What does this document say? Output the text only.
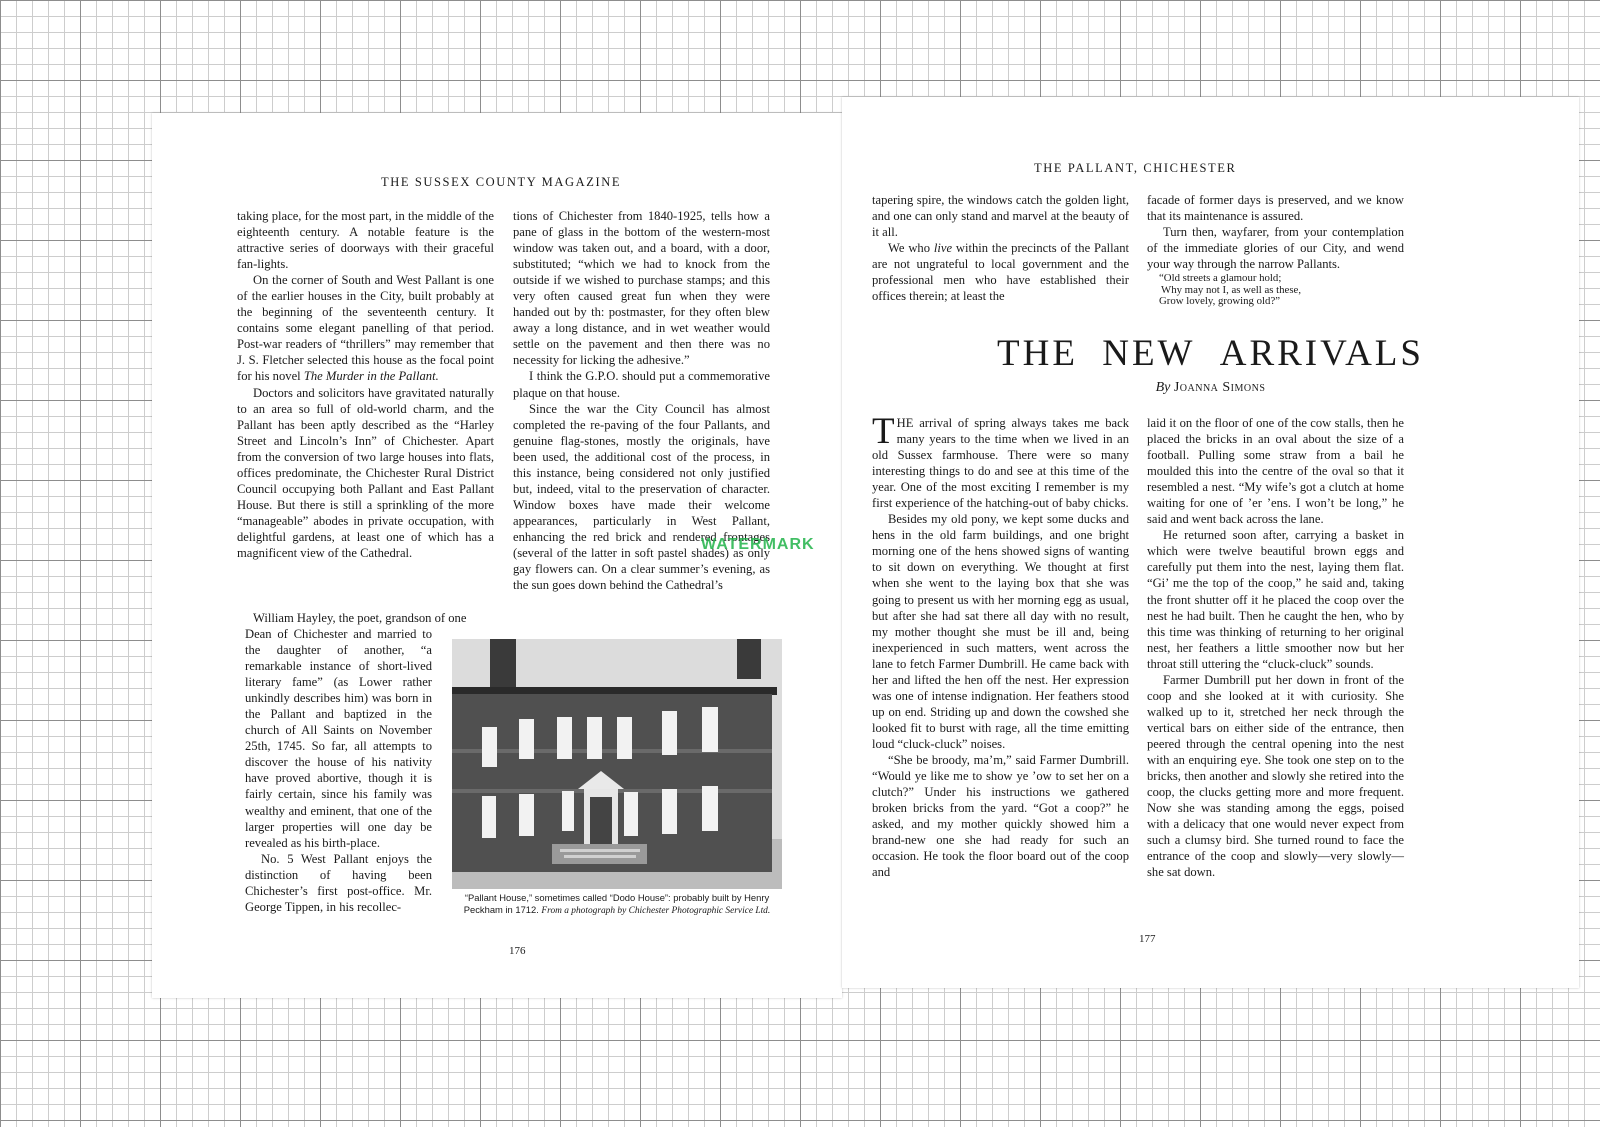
THE SUSSEX COUNTY MAGAZINE

taking place, for the most part, in the middle of the eighteenth century. A notable feature is the attractive series of doorways with their graceful fan-lights.

On the corner of South and West Pallant is one of the earlier houses in the City, built probably at the beginning of the seventeenth century. It contains some elegant panelling of that period. Post-war readers of “thrillers” may remember that J. S. Fletcher selected this house as the focal point for his novel The Murder in the Pallant.

Doctors and solicitors have gravitated naturally to an area so full of old-world charm, and the Pallant has been aptly described as the “Harley Street and Lincoln’s Inn” of Chichester. Apart from the conversion of two large houses into flats, offices predominate, the Chichester Rural District Council occupying both Pallant and East Pallant House. But there is still a sprinkling of the more “manageable” abodes in private occupation, with delightful gardens, at least one of which has a magnificent view of the Cathedral.

William Hayley, the poet, grandson of one

Dean of Chichester and married to the daughter of another, “a remarkable instance of short-lived literary fame” (as Lower rather unkindly describes him) was born in the Pallant and baptized in the church of All Saints on November 25th, 1745. So far, all attempts to discover the house of his nativity have proved abortive, though it is fairly certain, since his family was wealthy and eminent, that one of the larger properties will one day be revealed as his birth-place.

No. 5 West Pallant enjoys the distinction of having been Chichester’s first post-office. Mr. George Tippen, in his recollec-

tions of Chichester from 1840-1925, tells how a pane of glass in the bottom of the western-most window was taken out, and a board, with a door, substituted; “which we had to knock from the outside if we wished to purchase stamps; and this very often caused great fun when they were handed out by th: postmaster, for they often blew away a long distance, and in wet weather would settle on the pavement and then there was no necessity for licking the adhesive.”

I think the G.P.O. should put a commemorative plaque on that house.

Since the war the City Council has almost completed the re-paving of the four Pallants, and genuine flag-stones, mostly the originals, have been used, the additional cost of the process, in this instance, being considered not only justified but, indeed, vital to the preservation of character. Window boxes have made their welcome appearances, particularly in West Pallant, enhancing the red brick and rendered frontages (several of the latter in soft pastel shades) as only gay flowers can. On a clear summer’s evening, as the sun goes down behind the Cathedral’s

“Pallant House,” sometimes called “Dodo House”: probably built by Henry Peckham in 1712. From a photograph by Chichester Photographic Service Ltd.
176
THE PALLANT, CHICHESTER

tapering spire, the windows catch the golden light, and one can only stand and marvel at the beauty of it all.

We who live within the precincts of the Pallant are not ungrateful to local government and the professional men who have established their offices therein; at least the

facade of former days is preserved, and we know that its maintenance is assured.

Turn then, wayfarer, from your contemplation of the immediate glories of our City, and wend your way through the narrow Pallants.

“Old streets a glamour hold;
Why may not I, as well as these,
Grow lovely, growing old?”
THE NEW ARRIVALS
By Joanna Simons

THE arrival of spring always takes me back many years to the time when we lived in an old Sussex farmhouse. There were so many interesting things to do and see at this time of the year. One of the most exciting I remember is my first experience of the hatching-out of baby chicks.

Besides my old pony, we kept some ducks and hens in the old farm buildings, and one bright morning one of the hens showed signs of wanting to sit down on everything. We thought at first when she went to the laying box that she was going to present us with her morning egg as usual, but after she had sat there all day with no result, my mother thought she must be ill and, being inexperienced in such matters, went across the lane to fetch Farmer Dumbrill. He came back with her and lifted the hen off the nest. Her expression was one of intense indignation. Her feathers stood up on end. Striding up and down the cowshed she looked fit to burst with rage, all the time emitting loud “cluck-cluck” noises.

“She be broody, ma’m,” said Farmer Dumbrill. “Would ye like me to show ye ’ow to set her on a clutch?” Under his instructions we gathered broken bricks from the yard. “Got a coop?” he asked, and my mother quickly showed him a brand-new one she had ready for such an occasion. He took the floor board out of the coop and

laid it on the floor of one of the cow stalls, then he placed the bricks in an oval about the size of a football. Pulling some straw from a bail he moulded this into the centre of the oval so that it resembled a nest. “My wife’s got a clutch at home waiting for one of ’er ’ens. I won’t be long,” he said and went back across the lane.

He returned soon after, carrying a basket in which were twelve beautiful brown eggs and carefully put them into the nest, laying them flat. “Gi’ me the top of the coop,” he said and, taking the front shutter off it he placed the coop over the nest he had built. Then he caught the hen, who by this time was thinking of returning to her original nest, her feathers a little smoother now but her throat still uttering the “cluck-cluck” sounds.

Farmer Dumbrill put her down in front of the coop and she looked at it with curiosity. She walked up to it, stretched her neck through the vertical bars on either side of the entrance, then peered through the central opening into the nest with an enquiring eye. She took one step on to the bricks, then another and slowly she retired into the coop, the clucks getting more and more frequent. Now she was standing among the eggs, poised with a delicacy that one would never expect from such a clumsy bird. She turned round to face the entrance of the coop and slowly—very slowly—she sat down.

177
WATERMARK
